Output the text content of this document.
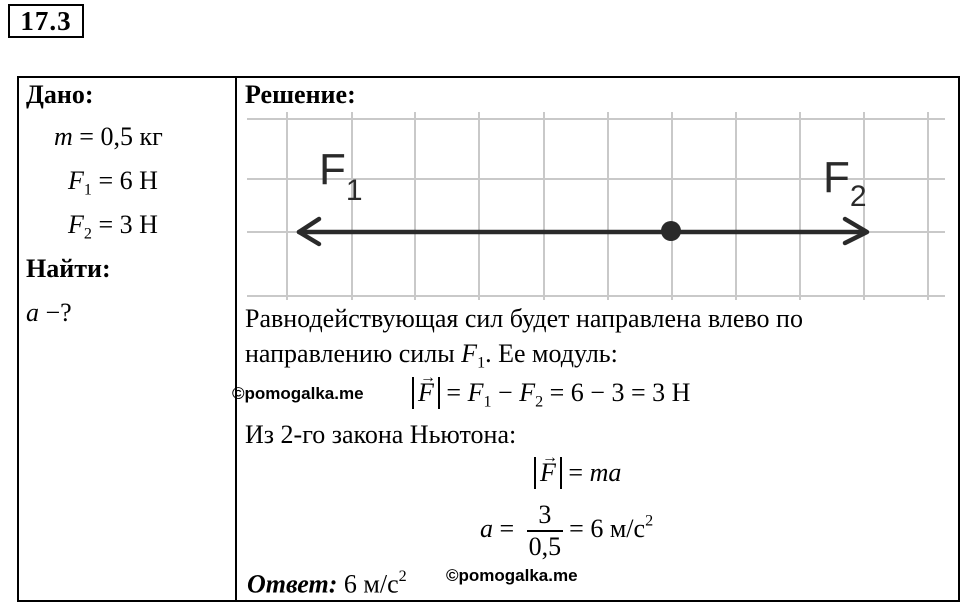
17.3
Дано:
m = 0,5 кг
$F_1 = 6$ Н
$F_2 = 3$ Н
Найти:
a −?
Решение:
$F_1$	$F_2$
Равнодействующая сил будет направлена влево по
направлению силы $F_1$. Ее модуль:
©pomogalka.me
→ $F = F_1 - F_2 = 6 - 3 = 3$ Н
Из 2-го закона Ньютона:
→ F = ma
$a = \frac{3}{0,5} = 6$ $м/с^2$
Ответ: 6 $м/с^2$ ©pomogalka.me
